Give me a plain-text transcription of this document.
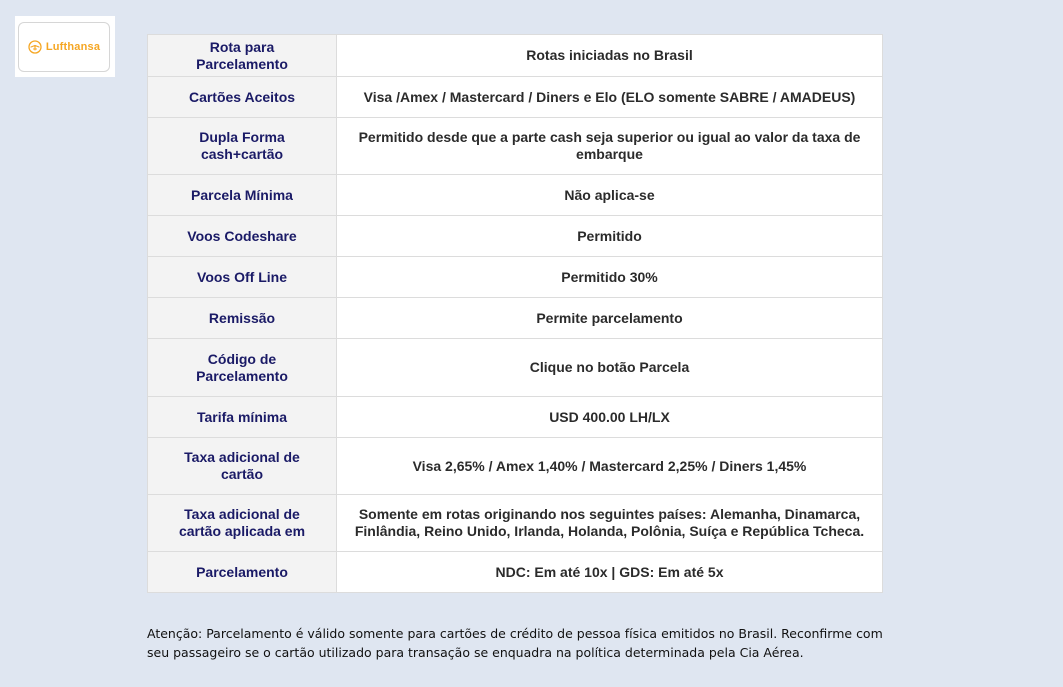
Lufthansa	Rota para Parcelamento	Rotas iniciadas no Brasil
Cartões Aceitos	Visa /Amex / Mastercard / Diners e Elo (ELO somente SABRE / AMADEUS)
Dupla Forma cash+cartão	Permitido desde que a parte cash seja superior ou igual ao valor da taxa de embarque
Parcela Mínima	Não aplica-se
Voos Codeshare	Permitido
Voos Off Line	Permitido 30%
Remissão	Permite parcelamento
Código de Parcelamento	Clique no botão Parcela
Tarifa mínima	USD 400.00 LH/LX
Taxa adicional de cartão	Visa 2,65% / Amex 1,40% / Mastercard 2,25% / Diners 1,45%
Taxa adicional de cartão aplicada em	Somente em rotas originando nos seguintes países: Alemanha, Dinamarca, Finlândia, Reino Unido, Irlanda, Holanda, Polônia, Suíça e República Tcheca.
Parcelamento	NDC: Em até 10x | GDS: Em até 5x
Atenção: Parcelamento é válido somente para cartões de crédito de pessoa física emitidos no Brasil. Reconfirme com seu passageiro se o cartão utilizado para transação se enquadra na política determinada pela Cia Aérea.
